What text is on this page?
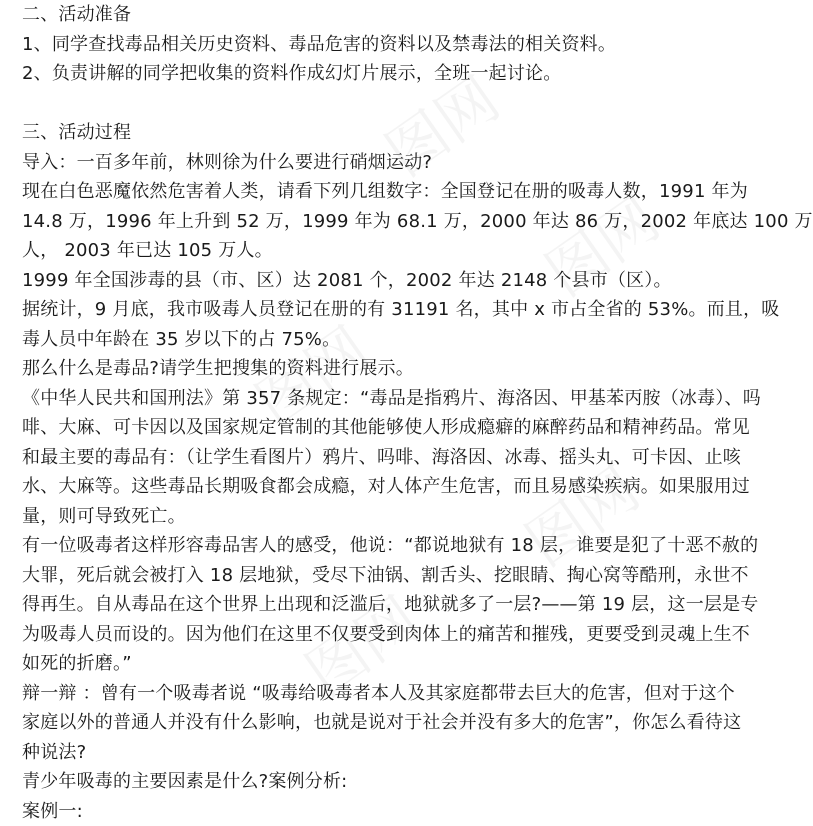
二、活动准备
1、同学查找毒品相关历史资料、毒品危害的资料以及禁毒法的相关资料。
2、负责讲解的同学把收集的资料作成幻灯片展示，全班一起讨论。
三、活动过程
导入：一百多年前，林则徐为什么要进行硝烟运动?
现在白色恶魔依然危害着人类，请看下列几组数字：全国登记在册的吸毒人数，1991 年为
14.8 万，1996 年上升到 52 万，1999 年为 68.1 万，2000 年达 86 万，2002 年底达 100 万
人， 2003 年已达 105 万人。
1999 年全国涉毒的县（市、区）达 2081 个，2002 年达 2148 个县市（区）。
据统计，9 月底，我市吸毒人员登记在册的有 31191 名，其中 x 市占全省的 53%。而且，吸
毒人员中年龄在 35 岁以下的占 75%。
那么什么是毒品?请学生把搜集的资料进行展示。
《中华人民共和国刑法》第 357 条规定：“毒品是指鸦片、海洛因、甲基苯丙胺（冰毒）、吗
啡、大麻、可卡因以及国家规定管制的其他能够使人形成瘾癖的麻醉药品和精神药品。常见
和最主要的毒品有：（让学生看图片）鸦片、吗啡、海洛因、冰毒、摇头丸、可卡因、止咳
水、大麻等。这些毒品长期吸食都会成瘾，对人体产生危害，而且易感染疾病。如果服用过
量，则可导致死亡。
有一位吸毒者这样形容毒品害人的感受，他说：“都说地狱有 18 层，谁要是犯了十恶不赦的
大罪，死后就会被打入 18 层地狱，受尽下油锅、割舌头、挖眼睛、掏心窝等酷刑，永世不
得再生。自从毒品在这个世界上出现和泛滥后，地狱就多了一层?——第 19 层，这一层是专
为吸毒人员而设的。因为他们在这里不仅要受到肉体上的痛苦和摧残，更要受到灵魂上生不
如死的折磨。”
辩一辩 ：曾有一个吸毒者说 “吸毒给吸毒者本人及其家庭都带去巨大的危害，但对于这个
家庭以外的普通人并没有什么影响，也就是说对于社会并没有多大的危害”，你怎么看待这
种说法?
青少年吸毒的主要因素是什么?案例分析:
案例一:
